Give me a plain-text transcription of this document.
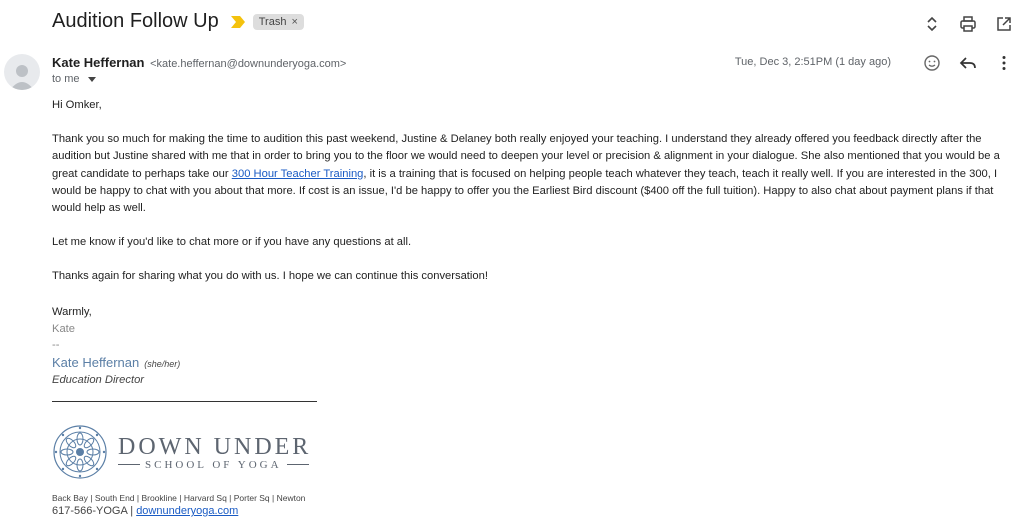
Audition Follow Up	Trash ×
Kate Heffernan <kate.heffernan@downunderyoga.com>
to me
Tue, Dec 3, 2:51PM (1 day ago)

Hi Omker,

Thank you so much for making the time to audition this past weekend, Justine & Delaney both really enjoyed your teaching. I understand they already offered you feedback directly after the audition but Justine shared with me that in order to bring you to the floor we would need to deepen your level or precision & alignment in your dialogue. She also mentioned that you would be a great candidate to perhaps take our 300 Hour Teacher Training, it is a training that is focused on helping people teach whatever they teach, teach it really well. If you are interested in the 300, I would be happy to chat with you about that more. If cost is an issue, I'd be happy to offer you the Earliest Bird discount ($400 off the full tuition). Happy to also chat about payment plans if that would help as well.

Let me know if you'd like to chat more or if you have any questions at all.

Thanks again for sharing what you do with us. I hope we can continue this conversation!

Warmly,
Kate
--
Kate Heffernan (she/her)
Education Director
DOWN UNDER
SCHOOL OF YOGA
Back Bay | South End | Brookline | Harvard Sq | Porter Sq | Newton
617-566-YOGA | downunderyoga.com
